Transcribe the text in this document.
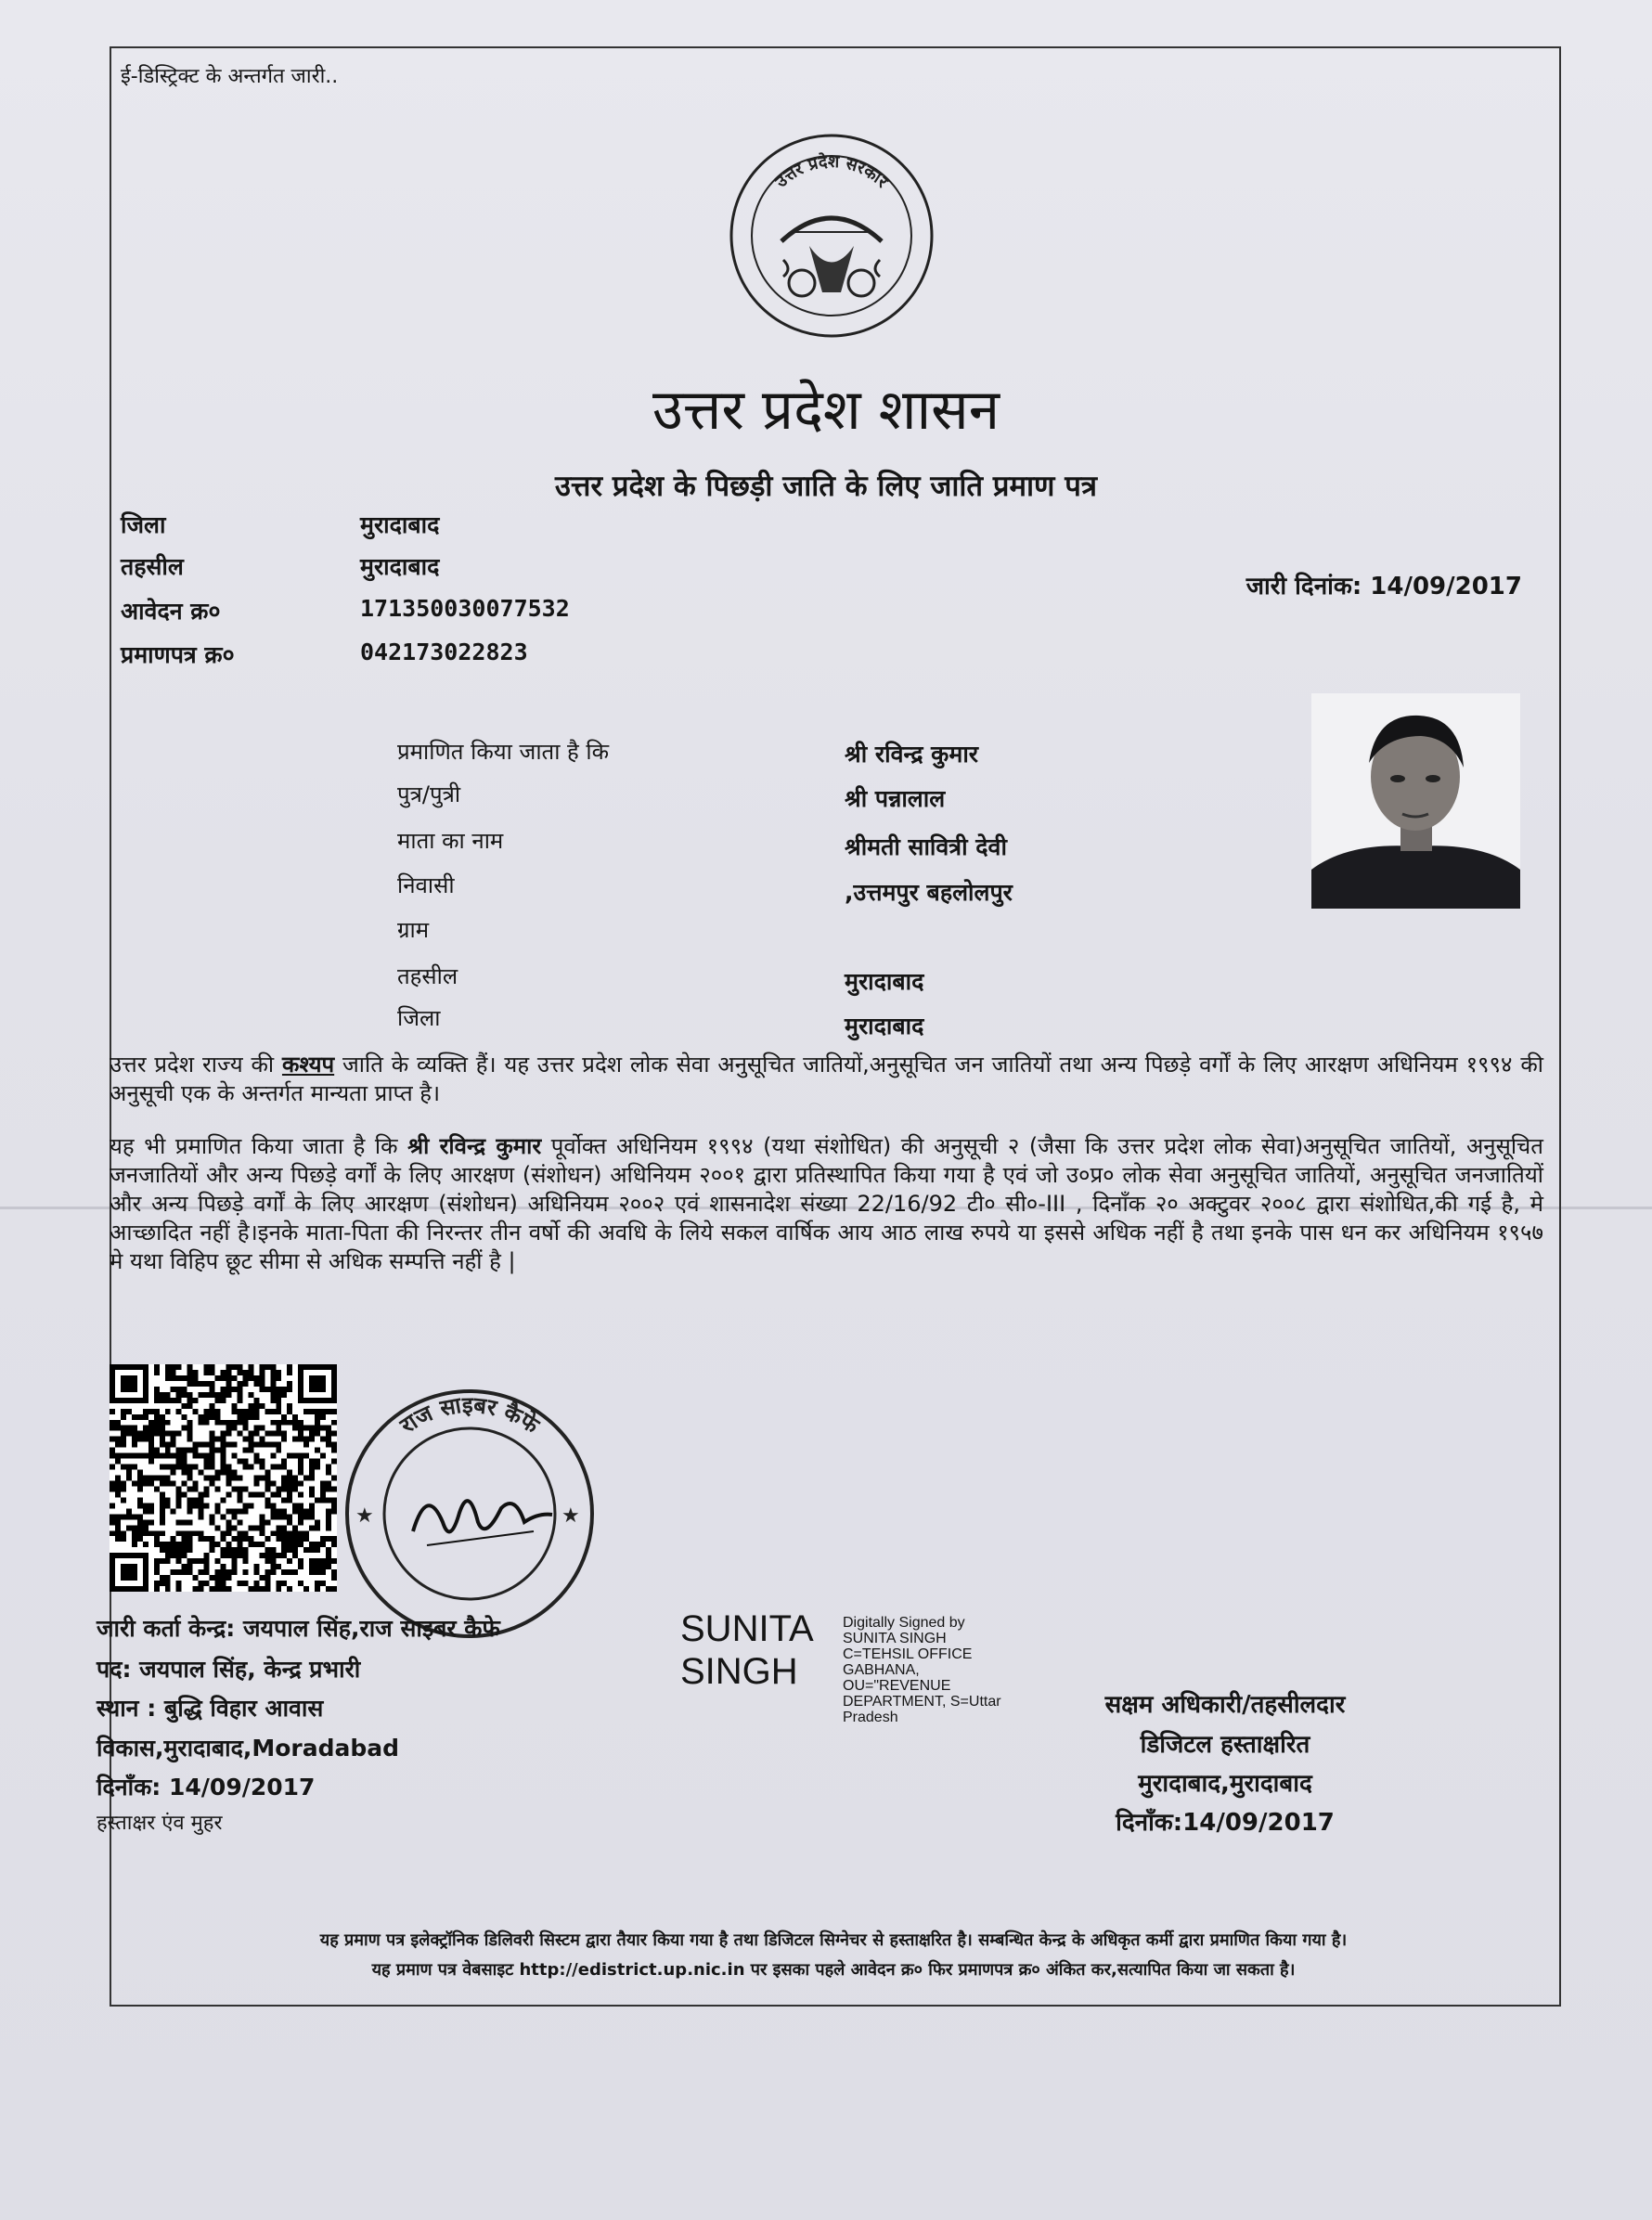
ई-डिस्ट्रिक्ट के अन्तर्गत जारी..
उत्तर प्रदेश सरकार
उत्तर प्रदेश शासन
उत्तर प्रदेश के पिछड़ी जाति के लिए जाति प्रमाण पत्र
जिला	मुरादाबाद
तहसील	मुरादाबाद
आवेदन क्र०	171350030077532
प्रमाणपत्र क्र०	042173022823
जारी दिनांक: 14/09/2017
प्रमाणित किया जाता है कि	श्री रविन्द्र कुमार
पुत्र/पुत्री	श्री पन्नालाल
माता का नाम	श्रीमती सावित्री देवी
निवासी	,उत्तमपुर बहलोलपुर
ग्राम
तहसील	मुरादाबाद
जिला	मुरादाबाद
उत्तर प्रदेश राज्य की कश्यप जाति के व्यक्ति हैं। यह उत्तर प्रदेश लोक सेवा अनुसूचित जातियों,अनुसूचित जन जातियों तथा अन्य पिछड़े वर्गों के लिए आरक्षण अधिनियम १९९४ की अनुसूची एक के अन्तर्गत मान्यता प्राप्त है।
यह भी प्रमाणित किया जाता है कि श्री रविन्द्र कुमार पूर्वोक्त अधिनियम १९९४ (यथा संशोधित) की अनुसूची २ (जैसा कि उत्तर प्रदेश लोक सेवा)अनुसूचित जातियों, अनुसूचित जनजातियों और अन्य पिछड़े वर्गों के लिए आरक्षण (संशोधन) अधिनियम २००१ द्वारा प्रतिस्थापित किया गया है एवं जो उ०प्र० लोक सेवा अनुसूचित जातियों, अनुसूचित जनजातियों और अन्य पिछड़े वर्गों के लिए आरक्षण (संशोधन) अधिनियम २००२ एवं शासनादेश संख्या 22/16/92 टी० सी०-III , दिनाँक २० अक्टुवर २००८ द्वारा संशोधित,की गई है, मे आच्छादित नहीं है।इनके माता-पिता की निरन्तर तीन वर्षो की अवधि के लिये सकल वार्षिक आय आठ लाख रुपये या इससे अधिक नहीं है तथा इनके पास धन कर अधिनियम १९५७ मे यथा विहिप छूट सीमा से अधिक सम्पत्ति नहीं है |
राज साइबर कैफे
★	★
जारी कर्ता केन्द्र: जयपाल सिंह,राज साइबर कैफे
पद: जयपाल सिंह, केन्द्र प्रभारी
स्थान : बुद्धि विहार आवास
विकास,मुरादाबाद,Moradabad
दिनाँक: 14/09/2017
हस्ताक्षर एंव मुहर
SUNITA
SINGH
Digitally Signed by SUNITA SINGH C=TEHSIL OFFICE GABHANA, OU="REVENUE DEPARTMENT, S=Uttar Pradesh	सक्षम अधिकारी/तहसीलदार
डिजिटल हस्ताक्षरित
मुरादाबाद,मुरादाबाद
दिनाँक:14/09/2017
यह प्रमाण पत्र इलेक्ट्रॉनिक डिलिवरी सिस्टम द्वारा तैयार किया गया है तथा डिजिटल सिग्नेचर से हस्ताक्षरित है। सम्बन्धित केन्द्र के अधिकृत कर्मी द्वारा प्रमाणित किया गया है।
यह प्रमाण पत्र वेबसाइट http://edistrict.up.nic.in पर इसका पहले आवेदन क्र० फिर प्रमाणपत्र क्र० अंकित कर,सत्यापित किया जा सकता है।
